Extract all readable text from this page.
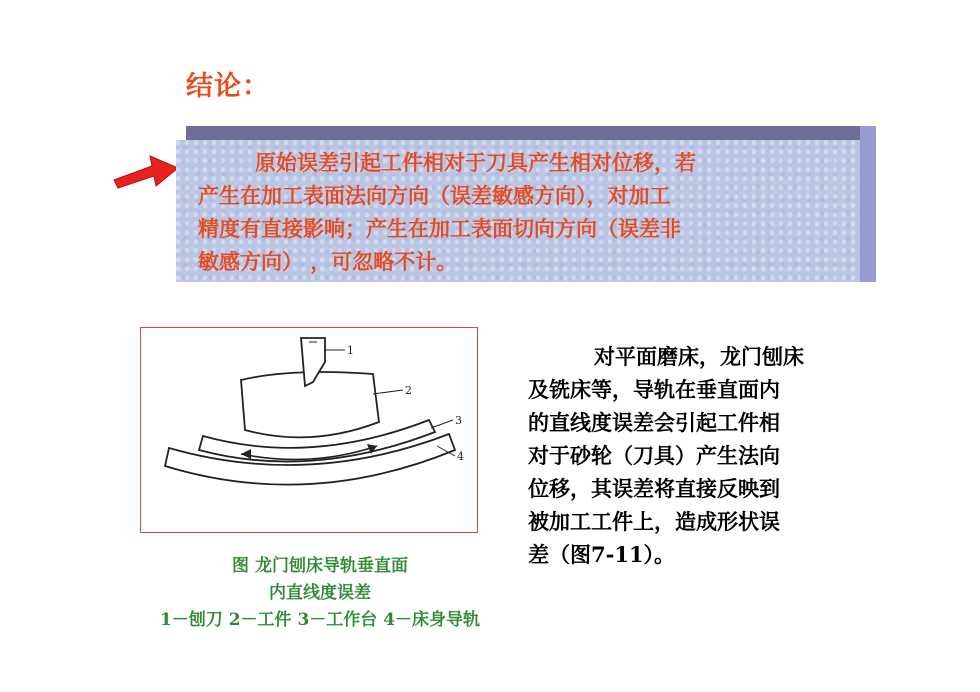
结论：
原始误差引起工件相对于刀具产生相对位移，若
产生在加工表面法向方向（误差敏感方向），对加工
精度有直接影响；产生在加工表面切向方向（误差非
敏感方向） ，可忽略不计。
1
2
3
4
图 龙门刨床导轨垂直面
内直线度误差
1－刨刀 2－工件 3－工作台 4－床身导轨
对平面磨床，龙门刨床
及铣床等，导轨在垂直面内
的直线度误差会引起工件相
对于砂轮（刀具）产生法向
位移，其误差将直接反映到
被加工工件上，造成形状误
差（图7-11）。
